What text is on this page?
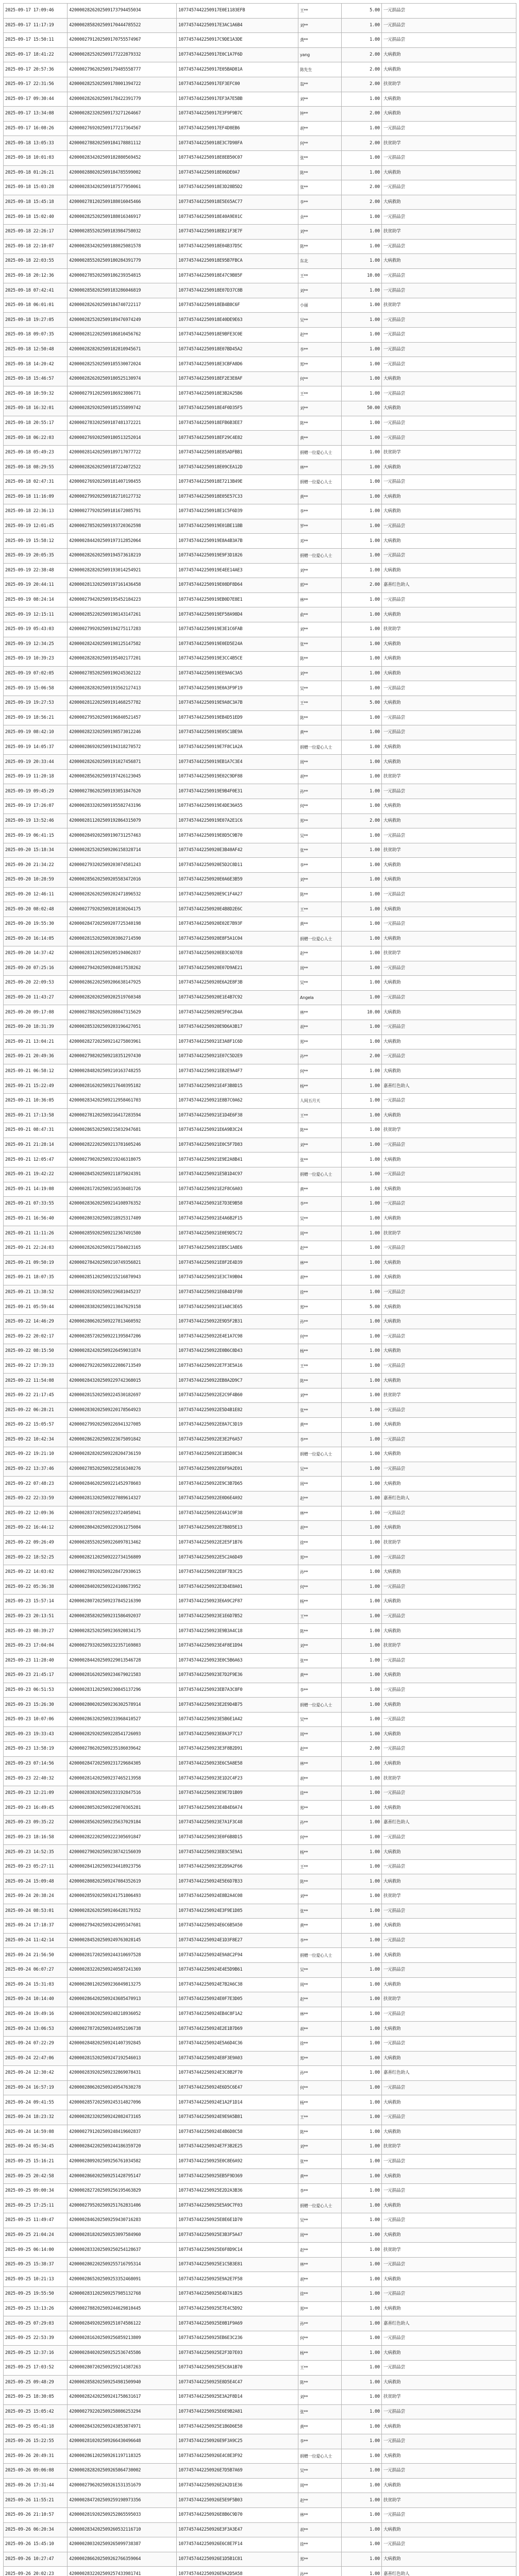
2025-09-17 17:09:46	4200002826202509173794455034	1077457442250917E0E1183EFB	王**	5.00	一元捐品尝
2025-09-17 11:17:19	4200002858202509170444785522	1077457442250917E3AC1A6B4	刘**	1.00	一元捐品尝
2025-09-17 15:50:11	4200002791202509170755574967	1077457442250917C9DE1A3DE	龚**	1.00	一元捐品尝
2025-09-17 18:41:22	4200002825202509177222879332	1077457442250917E0C1A7F6D	yang	2.00	大病救助
2025-09-17 20:57:36	4200002796202509179485558777	1077457442250917E05BAD81A	陈先生	2.00	大病救助
2025-09-17 22:31:56	4200002825202509178001394722	1077457442250917EF3EFC00	翁**	2.00	扶贫助学
2025-09-17 09:30:44	4200002826202509178422391779	1077457442250917EF3A7E5BB	刘**	1.00	大病救助
2025-09-17 13:34:08	4200002823202509173271264667	1077457442250917E3F9F9B7C	钟**	2.00	大病救助
2025-09-17 16:08:26	4200002769202509177217364567	1077457442250917EF4D8EB6	胡**	1.00	一元捐品尝
2025-09-18 13:05:33	4200002788202509184178881112	1077457442250918E3C7D98FA	何**	2.00	扶贫助学
2025-09-18 10:01:03	4200002834202509182880569452	1077457442250918E8EB50C07	张**	1.00	一元捐品尝
2025-09-18 01:26:21	4200002880202509184785599002	1077457442250918E06DE0A7	陈**	1.00	大病救助
2025-09-18 15:03:28	4200002834202509187577950061	1077457442250918E3D28B5D2	张**	2.00	一元捐品尝
2025-09-18 15:45:18	4200002781202509188016045466	1077457442250918E5E65AC77	李**	2.00	大病救助
2025-09-18 15:02:40	4200002825202509188016346917	1077457442250918E40A9E01C	余**	1.00	一元捐品尝
2025-09-18 22:26:17	4200002855202509183984758032	1077457442250918EB21F3E7F	刘**	1.00	扶贫助学
2025-09-18 22:10:07	4200002834202509188025081578	1077457442250918E04B37D5C	陈**	1.00	一元捐品尝
2025-09-18 22:03:55	4200002855202509180284391779	1077457442250918E95B7FBCA	东北	1.00	大病救助
2025-09-18 20:12:36	4200002785202509186239354815	1077457442250918E47C9B85F	王**	10.00	一元捐品尝
2025-09-18 07:42:41	4200002858202509183286046819	1077457442250918E07D37C8B	刘**	1.00	一元捐品尝
2025-09-18 06:01:01	4200002826202509184740722117	1077457442250918EB4B8C6F	小丽	1.00	扶贫助学
2025-09-18 19:27:05	4200002825202509189476974249	1077457442250918E40DE9E63	吴**	1.00	一元捐品尝
2025-09-18 09:07:35	4200002812202509186810456762	1077457442250918E9BFE3C0E	赵**	1.00	一元捐品尝
2025-09-18 12:50:48	4200002828202509182810945671	1077457442250918E07BD45A2	李**	1.00	一元捐品尝
2025-09-18 14:20:42	4200002825202509185530072024	1077457442250918E3CBFA8D6	郑**	1.00	一元捐品尝
2025-09-18 15:46:57	4200002826202509180525130974	1077457442250918EF2E3E8AF	何**	1.00	大病救助
2025-09-18 10:59:32	4200002791202509186923806771	1077457442250918E3B2A25B6	王**	1.00	一元捐品尝
2025-09-18 16:32:01	4200002829202509185155899742	1077457442250918E4F0D35F5	刘**	50.00	大病救助
2025-09-18 20:55:17	4200002783202509187481372221	1077457442250918EFB6B3EE7	陈**	1.00	一元捐品尝
2025-09-18 06:22:03	4200002769202509180513252014	1077457442250918EF29C4E82	黄**	1.00	一元捐品尝
2025-09-18 05:49:23	4200002814202509189717077722	1077457442250918E85ADFBB1	捐赠一位爱心人士	1.00	扶贫助学
2025-09-18 08:29:55	4200002826202509187224072522	1077457442250918E09CEA12D	林**	1.00	大病救助
2025-09-18 02:47:31	4200002769202509181407198455	1077457442250918E7213B49E	捐赠一位爱心人士	1.00	一元捐品尝
2025-09-18 11:16:09	4200002799202509182710127732	1077457442250918E05E57C33	黄**	1.00	大病救助
2025-09-18 22:36:13	4200002779202509181672085791	1077457442250918E1C5F6D39	李**	1.00	大病救助
2025-09-19 12:01:45	4200002785202509193720362598	1077457442250919E01BE11BB	罗**	1.00	一元捐品尝
2025-09-19 15:58:12	4200002844202509197312852064	1077457442250919E8A4B3A7B	邓**	1.00	大病救助
2025-09-19 20:05:35	4200002826202509194573618219	1077457442250919E9F3D1826	捐赠一位爱心人士	1.00	一元捐品尝
2025-09-19 22:38:48	4200002828202509193014254921	1077457442250919E4EE14AE3	刘**	1.00	大病救助
2025-09-19 20:44:11	4200002813202509197161436458	1077457442250919E08DF8D64	郭**	2.00	嘉善红色助人
2025-09-19 08:24:14	4200002794202509195452184223	1077457442250919EB0D7E8E1	林**	1.00	一元捐品尝
2025-09-19 12:15:11	4200002852202509198143147261	1077457442250919EF58A98D4	俞**	1.00	大病救助
2025-09-19 05:43:03	4200002799202509194275117283	1077457442250919E3E1C6FAB	刘**	1.00	扶贫助学
2025-09-19 12:34:25	4200002824202509198125147582	1077457442250919E0ED5E24A	张**	1.00	大病救助
2025-09-19 10:39:23	4200002828202509195402177201	1077457442250919E3CC4B5CE	陈**	1.00	大病救助
2025-09-19 07:02:05	4200002785202509190245362122	1077457442250919EE9A6C3A5	刘**	1.00	大病救助
2025-09-19 15:06:58	4200002828202509193562127413	1077457442250919E0A3F9F19	吴**	1.00	一元捐品尝
2025-09-19 19:27:53	4200002812202509191468257782	1077457442250919E9A8C3A7B	王**	5.00	大病救助
2025-09-19 18:56:21	4200002795202509196840521457	1077457442250919EB4D51ED9	陈**	1.00	一元捐品尝
2025-09-19 08:42:10	4200002823202509198573012246	1077457442250919E05C1BE9A	黄**	1.00	一元捐品尝
2025-09-19 14:05:37	4200002869202509194318270572	1077457442250919E7F8C1A2A	捐赠一位爱心人士	1.00	大病救助
2025-09-19 20:33:44	4200002826202509191027456871	1077457442250919EB1A7C3E4	周**	1.00	大病救助
2025-09-19 11:20:18	4200002856202509197426123045	1077457442250919E02C9DF88	胡**	1.00	扶贫助学
2025-09-19 09:45:29	4200002786202509193051847620	1077457442250919E9B4F0E31	孙**	1.00	一元捐品尝
2025-09-19 17:26:07	4200002833202509195582743196	1077457442250919E4DE36A55	何**	1.00	大病救助
2025-09-19 13:52:46	4200002811202509192864315079	1077457442250919E07A2E1C6	郑**	2.00	大病救助
2025-09-19 06:41:15	4200002849202509190731257463	1077457442250919E8D5C9B70	吴**	1.00	一元捐品尝
2025-09-20 15:18:34	4200002825202509206158328714	1077457442250920E3B40AF42	张**	1.00	扶贫助学
2025-09-20 21:34:22	4200002793202509203074581243	1077457442250920E5D2C8D11	李**	1.00	大病救助
2025-09-20 10:28:59	4200002856202509205583472016	1077457442250920E0A6E3B59	刘**	1.00	大病救助
2025-09-20 12:46:11	4200002826202509202471896532	1077457442250920E9C1F4A27	陈**	1.00	一元捐品尝
2025-09-20 08:02:48	4200002779202509201830264175	1077457442250920E4B8D2E6C	王**	1.00	大病救助
2025-09-20 19:55:30	4200002847202509207725340198	1077457442250920E02E7B93F	黄**	1.00	一元捐品尝
2025-09-20 16:14:05	4200002815202509203862714590	1077457442250920E8F5A1C04	捐赠一位爱心人士	1.00	大病救助
2025-09-20 14:37:42	4200002831202509205194062837	1077457442250920EB3C6D7E8	赵**	1.00	扶贫助学
2025-09-20 07:25:16	4200002794202509204017538262	1077457442250920E07D9AE21	周**	1.00	一元捐品尝
2025-09-20 22:09:53	4200002862202509206638147925	1077457442250920E6A2E8F3B	吴**	1.00	大病救助
2025-09-20 11:43:27	4200002820202509202519760348	1077457442250920E1E4B7C92	Angela	1.00	一元捐品尝
2025-09-20 09:17:08	4200002788202509208047315629	1077457442250920E5F0C2D4A	林**	10.00	大病救助
2025-09-20 18:31:39	4200002853202509203196427051	1077457442250920E9D6A3B17	胡**	1.00	一元捐品尝
2025-09-21 13:04:21	4200002827202509214275803961	1077457442250921E3A8F1C6D	郑**	1.00	大病救助
2025-09-21 20:49:36	4200002798202509218351297430	1077457442250921E07C5D2E9	孙**	2.00	一元捐品尝
2025-09-21 06:58:12	4200002848202509210163748255	1077457442250921EB2E9A4F7	何**	1.00	大病救助
2025-09-21 15:22:49	4200002816202509217640395182	1077457442250921E4F3B8D15	杨**	1.00	嘉善红色助人
2025-09-21 10:36:05	4200002834202509212958461703	1077457442250921E8B7C0A62	人间五月天	1.00	一元捐品尝
2025-09-21 17:13:58	4200002781202509216417283594	1077457442250921E1D4E6F38	王**	1.00	大病救助
2025-09-21 08:47:31	4200002865202509215032947681	1077457442250921E6A9B3C24	陈**	1.00	扶贫助学
2025-09-21 21:28:14	4200002822202509213781605246	1077457442250921E0C5F7D83	刘**	1.00	一元捐品尝
2025-09-21 12:05:47	4200002790202509219246318075	1077457442250921E9E2A8B41	张**	1.00	大病救助
2025-09-21 19:42:22	4200002845202509211875024391	1077457442250921E5B1D4C97	捐赠一位爱心人士	1.00	一元捐品尝
2025-09-21 14:19:08	4200002817202509216530481726	1077457442250921E2F8C6A03	黄**	1.00	大病救助
2025-09-21 07:33:55	4200002836202509214108976352	1077457442250921E7D3E9B58	李**	1.00	一元捐品尝
2025-09-21 16:56:40	4200002803202509218925317409	1077457442250921E4A6B2F15	吴**	1.00	大病救助
2025-09-21 11:11:26	4200002859202509212367491580	1077457442250921E0E9D5C72	周**	1.00	扶贫助学
2025-09-21 22:24:03	4200002826202509217584023165	1077457442250921EB5C1A8E6	赵**	1.00	一元捐品尝
2025-09-21 09:50:19	4200002784202509210749356821	1077457442250921E8F2E4D39	林**	1.00	大病救助
2025-09-21 18:07:35	4200002851202509215216870943	1077457442250921E3C7A9B04	胡**	1.00	大病救助
2025-09-21 13:38:52	4200002819202509219681045237	1077457442250921E6B4D1F80	徐**	1.00	一元捐品尝
2025-09-21 05:59:44	4200002838202509213047629158	1077457442250921E1A8C3E65	郑**	5.00	大病救助
2025-09-22 14:46:29	4200002806202509227813460592	1077457442250922E9D5F2B31	孙**	1.00	大病救助
2025-09-22 20:02:17	4200002857202509221395847206	1077457442250922E4E1A7C98	何**	1.00	一元捐品尝
2025-09-22 08:15:50	4200002824202509226459031874	1077457442250922E0B6C8D43	杨**	1.00	大病救助
2025-09-22 17:39:33	4200002792202509222086713549	1077457442250922E7F3E5A16	王**	1.00	一元捐品尝
2025-09-22 11:54:08	4200002843202509229742368015	1077457442250922EB8A2D9C7	陈**	1.00	大病救助
2025-09-22 21:17:45	4200002815202509224530182697	1077457442250922E2C9F4B60	刘**	1.00	扶贫助学
2025-09-22 06:28:21	4200002830202509220178564923	1077457442250922E5D4B1E82	张**	1.00	一元捐品尝
2025-09-22 15:05:57	4200002799202509226941327085	1077457442250922E8A7C3D19	黄**	1.00	大病救助
2025-09-22 10:42:34	4200002862202509223675091842	1077457442250922E3E2F6A57	李**	1.00	一元捐品尝
2025-09-22 19:21:10	4200002828202509228204736159	1077457442250922E1B5D8C34	捐赠一位爱心人士	1.00	大病救助
2025-09-22 13:37:46	4200002785202509225816340276	1077457442250922E6F9A2E01	吴**	1.00	一元捐品尝
2025-09-22 07:48:23	4200002846202509221452978603	1077457442250922E9C3B7D65	周**	1.00	大病救助
2025-09-22 22:33:59	4200002813202509227089614327	1077457442250922E0D6E4A92	赵**	1.00	嘉善红色助人
2025-09-22 12:09:36	4200002837202509223724058941	1077457442250922E4A1C9F38	林**	1.00	一元捐品尝
2025-09-22 16:44:12	4200002804202509229361275084	1077457442250922E7B8D5E13	胡**	1.00	大病救助
2025-09-22 09:26:49	4200002855202509226097813462	1077457442250922E2E5F1B76	徐**	1.00	扶贫助学
2025-09-22 18:52:25	4200002821202509222734156809	1077457442250922E5C2A6D49	郑**	1.00	一元捐品尝
2025-09-22 14:03:02	4200002789202509228472930615	1077457442250922E8F7B3C25	孙**	1.00	大病救助
2025-09-22 05:36:38	4200002840202509224108673952	1077457442250922E3D4E8A01	何**	1.00	一元捐品尝
2025-09-23 15:57:14	4200002807202509237845216390	1077457442250923E6A9C2F87	杨**	1.00	大病救助
2025-09-23 20:13:51	4200002858202509231586492037	1077457442250923E1E6D7B52	王**	1.00	一元捐品尝
2025-09-23 08:39:27	4200002825202509236920834175	1077457442250923E9B3A4C18	陈**	1.00	大病救助
2025-09-23 17:04:04	4200002793202509232357169803	1077457442250923E4F8E1D94	刘**	1.00	扶贫助学
2025-09-23 11:28:40	4200002844202509229013546728	1077457442250923E0C5B6A63	张**	1.00	一元捐品尝
2025-09-23 21:45:17	4200002816202509234679021583	1077457442250923E7D2F9E36	黄**	1.00	大病救助
2025-09-23 06:51:53	4200002831202509230845137296	1077457442250923EB7A3C8F0	李**	1.00	一元捐品尝
2025-09-23 15:26:30	4200002800202509236302578914	1077457442250923E2E9D4B75	捐赠一位爱心人士	1.00	大病救助
2025-09-23 10:07:06	4200002863202509233968410527	1077457442250923E5B6E1A42	吴**	1.00	一元捐品尝
2025-09-23 19:33:43	4200002829202509228541726093	1077457442250923E8A3F7C17	周**	1.00	大病救助
2025-09-23 13:58:19	4200002786202509235186039642	1077457442250923E3F8B2D91	赵**	2.00	一元捐品尝
2025-09-23 07:14:56	4200002847202509231729684305	1077457442250923E6C5A8E58	林**	1.00	大病救助
2025-09-23 22:40:32	4200002814202509237465213958	1077457442250923E1D2C4F23	胡**	1.00	扶贫助学
2025-09-23 12:21:09	4200002838202509233192847516	1077457442250923E9E7D1B09	徐**	1.00	一元捐品尝
2025-09-23 16:49:45	4200002805202509229870365281	1077457442250923E4B4E6A74	郑**	1.00	大病救助
2025-09-23 09:35:22	4200002856202509235637029184	1077457442250923E7A1F3C48	孙**	1.00	嘉善红色助人
2025-09-23 18:16:58	4200002822202509222305691847	1077457442250923E0F6B8D15	何**	1.00	一元捐品尝
2025-09-23 14:52:35	4200002790202509238742156039	1077457442250923EB3C5E9A1	杨**	1.00	大病救助
2025-09-23 05:27:11	4200002841202509234418923756	1077457442250923E2D9A2F66	王**	1.00	一元捐品尝
2025-09-24 15:09:48	4200002808202509247084352619	1077457442250924E5E6D7B33	陈**	1.00	大病救助
2025-09-24 20:38:24	4200002859202509241751806493	1077457442250924E8B2A4C08	刘**	1.00	扶贫助学
2025-09-24 08:53:01	4200002826202509246428179352	1077457442250924E3F9E1D85	张**	1.00	一元捐品尝
2025-09-24 17:18:37	4200002794202509242095347681	1077457442250924E6C6B5A50	黄**	1.00	大病救助
2025-09-24 11:42:14	4200002845202509249763028145	1077457442250924E1D3F8E27	李**	1.00	一元捐品尝
2025-09-24 21:56:50	4200002817202509244310697528	1077457442250924E9A8C2F94	捐赠一位爱心人士	1.00	大病救助
2025-09-24 06:07:27	4200002832202509240587241369	1077457442250924E4E5D9B61	吴**	1.00	一元捐品尝
2025-09-24 15:31:03	4200002801202509236049813275	1077457442250924E7B2A6C38	周**	1.00	大病救助
2025-09-24 10:14:40	4200002864202509243685470913	1077457442250924E0F7E3D05	赵**	1.00	扶贫助学
2025-09-24 19:49:16	4200002830202509248218936052	1077457442250924EB4C8F1A2	林**	1.00	一元捐品尝
2025-09-24 13:06:53	4200002787202509244952106738	1077457442250924E2E1B7D69	胡**	1.00	大病救助
2025-09-24 07:22:29	4200002848202509241407392845	1077457442250924E5A6D4C36	徐**	1.00	一元捐品尝
2025-09-24 22:47:06	4200002815202509247192546013	1077457442250924E8F3E9A03	郑**	1.00	大病救助
2025-09-24 12:30:42	4200002839202509232869078431	1077457442250924E3C8B2F70	孙**	1.00	嘉善红色助人
2025-09-24 16:57:19	4200002806202509249547630278	1077457442250924E6D5C6E47	何**	1.00	一元捐品尝
2025-09-24 09:41:55	4200002857202509245314827096	1077457442250924E1A2F1D14	杨**	1.00	大病救助
2025-09-24 18:23:32	4200002823202509242082473165	1077457442250924E9E9A5B81	王**	1.00	一元捐品尝
2025-09-24 14:59:08	4200002791202509248419602837	1077457442250924E4B6D8C58	陈**	1.00	大病救助
2025-09-24 05:34:45	4200002842202509244186359720	1077457442250924E7F3B2E25	刘**	1.00	扶贫助学
2025-09-25 15:16:21	4200002809202509256761034582	1077457442250925E0C8E6A92	张**	1.00	一元捐品尝
2025-09-25 20:42:58	4200002860202509251428795147	1077457442250925EB5F9D369	黄**	1.00	大病救助
2025-09-25 09:00:34	4200002827202509256195463829	1077457442250925E2D2A3B36	李**	1.00	一元捐品尝
2025-09-25 17:25:11	4200002795202509251762831406	1077457442250925E5A9C7F03	捐赠一位爱心人士	1.00	大病救助
2025-09-25 11:49:47	4200002846202509259430716283	1077457442250925E8E6E1D70	吴**	1.00	一元捐品尝
2025-09-25 21:04:24	4200002818202509253097584960	1077457442250925E3B3F5A47	周**	1.00	大病救助
2025-09-25 06:14:00	4200002833202509250254128637	1077457442250925E6F8D9C14	赵**	1.00	扶贫助学
2025-09-25 15:38:37	4200002802202509255716795314	1077457442250925E1C5B3E81	林**	1.00	一元捐品尝
2025-09-25 10:21:13	4200002865202509253352468091	1077457442250925E9A2E7F58	胡**	1.00	大病救助
2025-09-25 19:55:50	4200002831202509257985132768	1077457442250925E4D7A1B25	徐**	1.00	一元捐品尝
2025-09-25 13:13:26	4200002788202509244629810445	1077457442250925E7E4C5D92	郑**	1.00	大病救助
2025-09-25 07:29:03	4200002849202509251074586122	1077457442250925E0B1F9A69	孙**	1.00	嘉善红色助人
2025-09-25 22:53:39	4200002816202509256859213809	1077457442250925EB6E3C236	何**	1.00	一元捐品尝
2025-09-25 12:37:16	4200002840202509252536745586	1077457442250925E2F3D7E03	杨**	1.00	大病救助
2025-09-25 17:03:52	4200002807202509259214387263	1077457442250925E5C8A1B70	王**	1.00	一元捐品尝
2025-09-25 09:48:29	4200002858202509254981509940	1077457442250925E8D5E4C47	陈**	1.00	大病救助
2025-09-25 18:30:05	4200002824202509241758631617	1077457442250925E3A2F8D14	刘**	1.00	扶贫助学
2025-09-25 15:05:42	4200002792202509258086253294	1077457442250925E6E9B2A81	张**	1.00	一元捐品尝
2025-09-25 05:41:18	4200002843202509243853874971	1077457442250925E1B6D6E58	黄**	1.00	大病救助
2025-09-26 15:22:55	4200002810202509266430496648	1077457442250926E9F3A9C25	李**	1.00	一元捐品尝
2025-09-26 20:49:31	4200002861202509261197118325	1077457442250926E4C8E3F92	捐赠一位爱心人士	1.00	大病救助
2025-09-26 09:06:08	4200002828202509265864730002	1077457442250926E7D5B7A69	吴**	1.00	一元捐品尝
2025-09-26 17:31:44	4200002796202509261531351679	1077457442250926E2A2D1E36	周**	1.00	大病救助
2025-09-26 11:55:21	4200002847202509259198973356	1077457442250926E5E9F5B03	赵**	1.00	扶贫助学
2025-09-26 21:10:57	4200002819202509252865595033	1077457442250926E8B6C9D70	林**	1.00	一元捐品尝
2025-09-26 06:20:34	4200002834202509260532116710	1077457442250926E3F3A3E47	胡**	1.00	大病救助
2025-09-26 15:45:10	4200002803202509265099738387	1077457442250926E6C8E7F14	徐**	1.00	一元捐品尝
2025-09-26 10:27:47	4200002866202509262766359064	1077457442250926E1D5B1C81	郑**	1.00	大病救助
2025-09-26 20:02:23	4200002832202509257433981741	1077457442250926E9A2D5A58	孙**	1.00	嘉善红色助人
